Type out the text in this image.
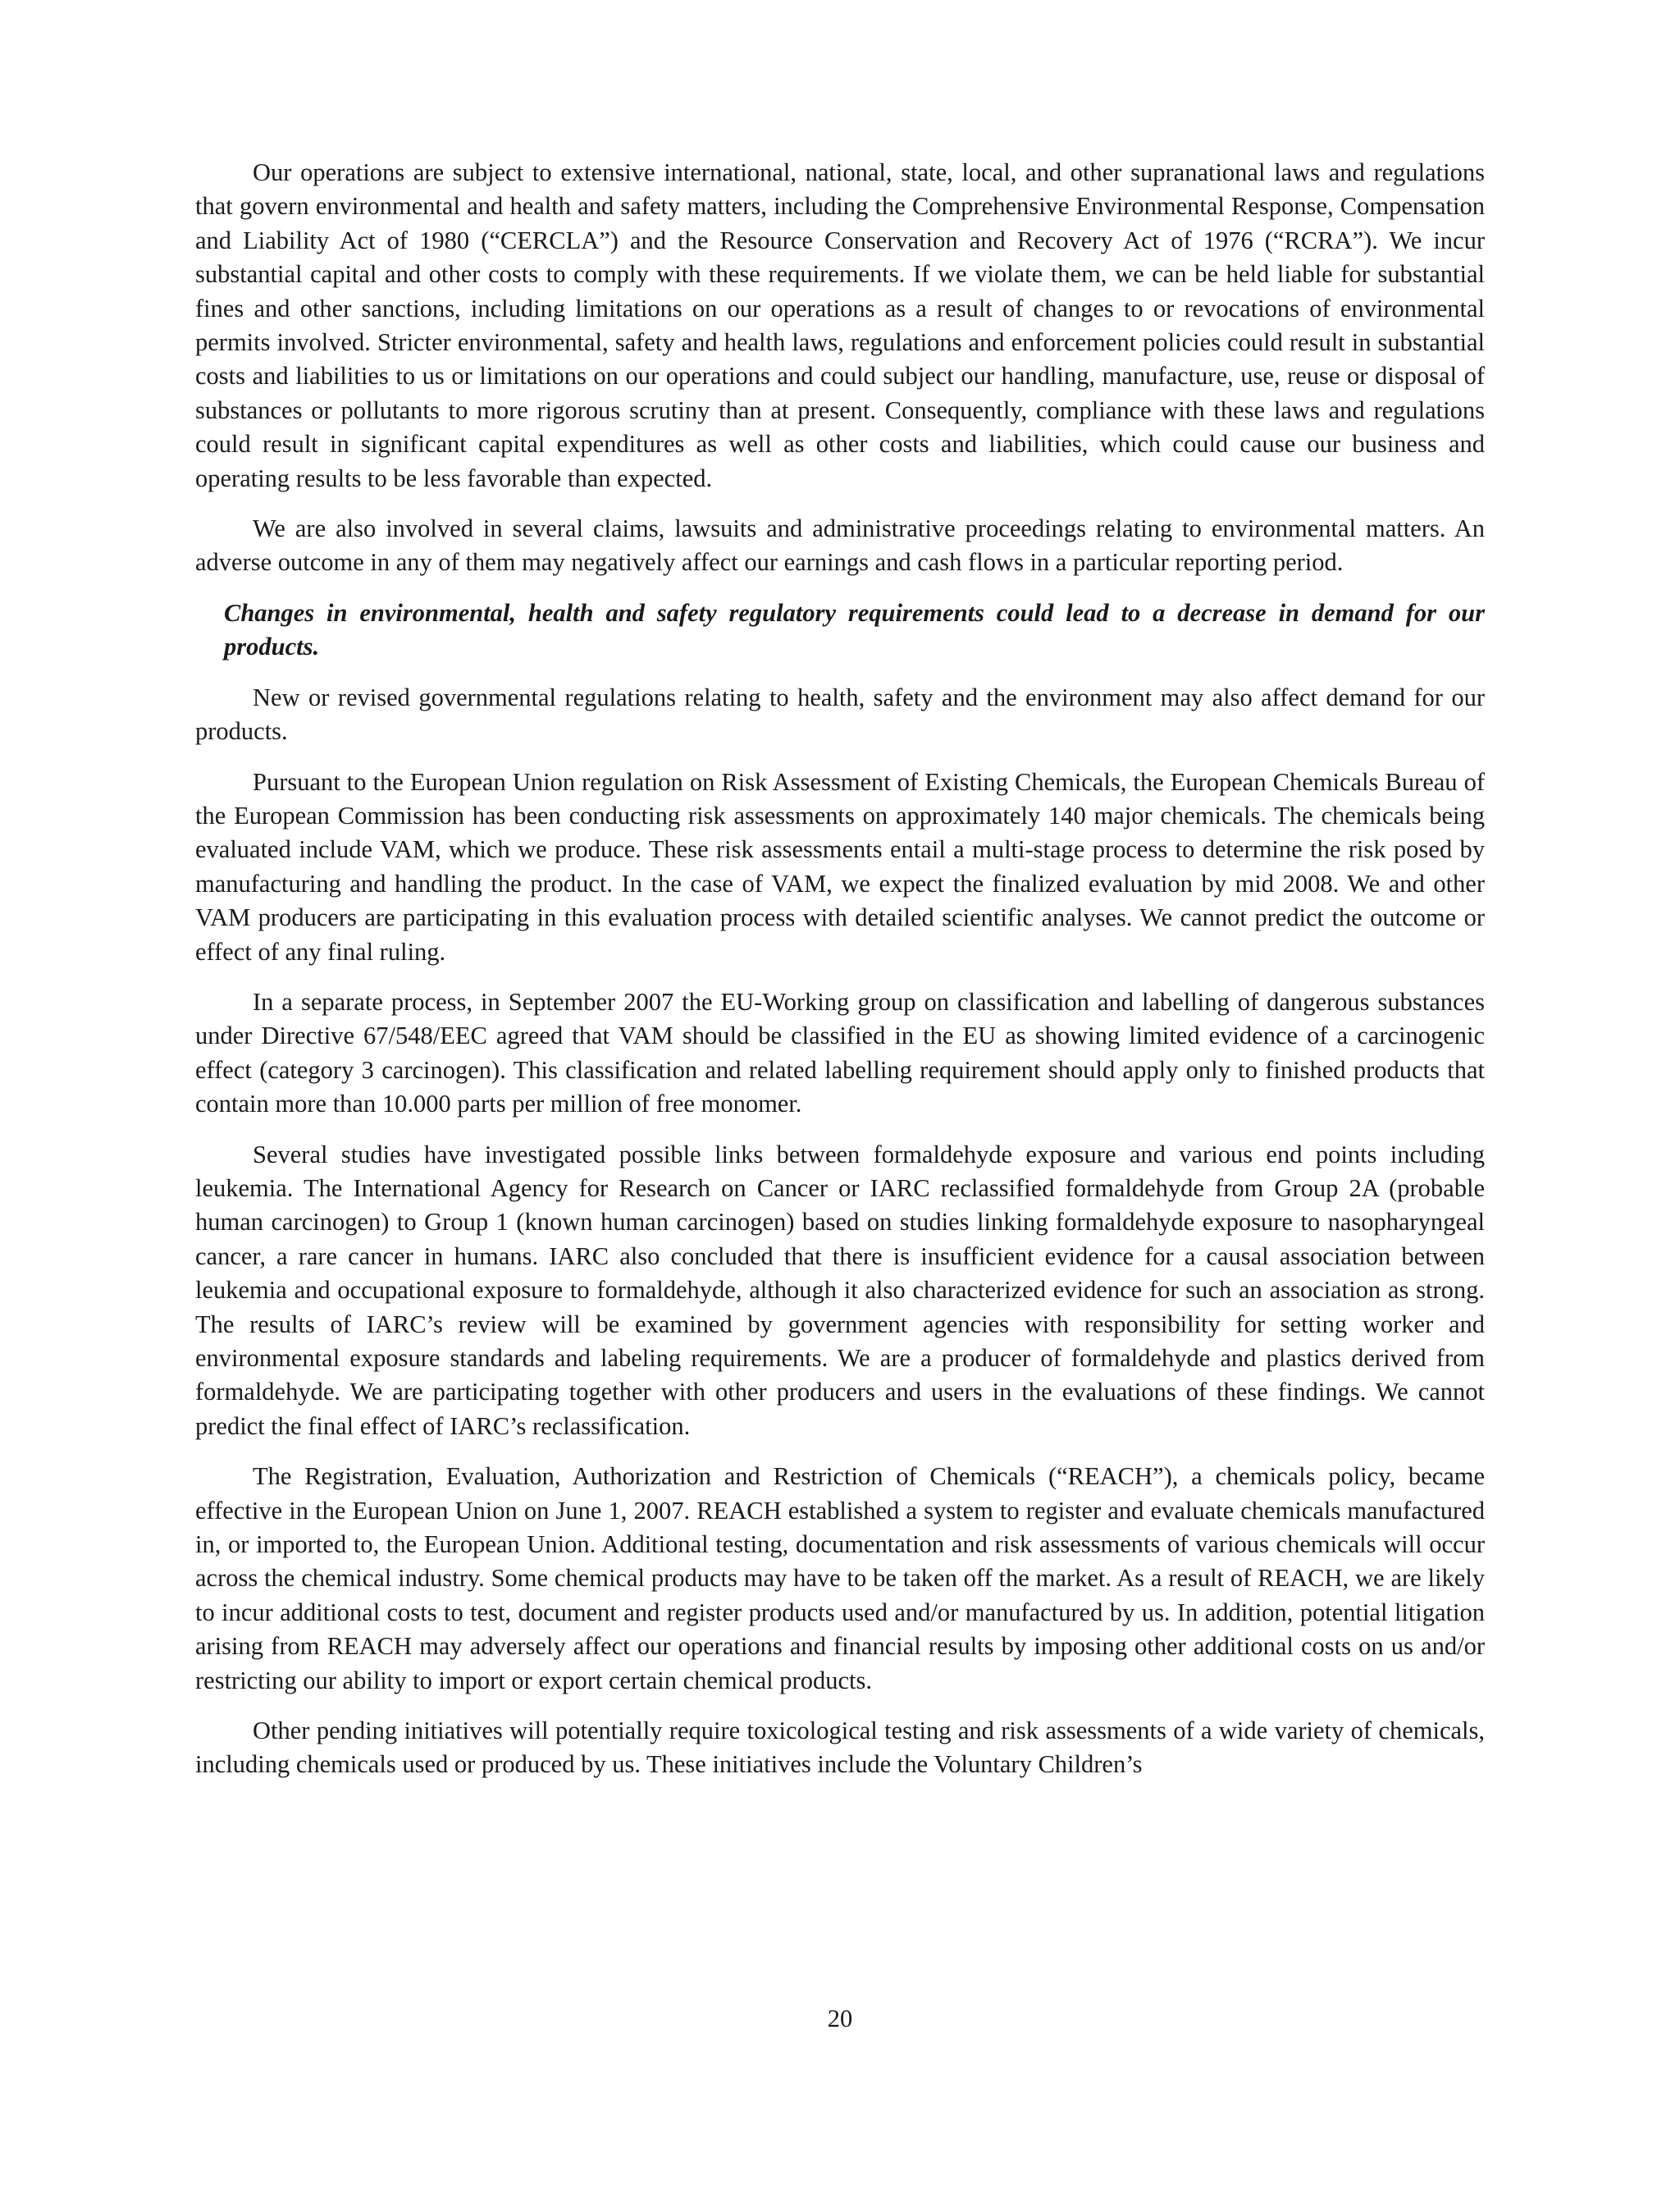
Our operations are subject to extensive international, national, state, local, and other supranational laws and regulations that govern environmental and health and safety matters, including the Comprehensive Environmental Response, Compensation and Liability Act of 1980 (“CERCLA”) and the Resource Conservation and Recovery Act of 1976 (“RCRA”). We incur substantial capital and other costs to comply with these requirements. If we violate them, we can be held liable for substantial fines and other sanctions, including limitations on our operations as a result of changes to or revocations of environmental permits involved. Stricter environmental, safety and health laws, regulations and enforcement policies could result in substantial costs and liabilities to us or limitations on our operations and could subject our handling, manufacture, use, reuse or disposal of substances or pollutants to more rigorous scrutiny than at present. Consequently, compliance with these laws and regulations could result in significant capital expenditures as well as other costs and liabilities, which could cause our business and operating results to be less favorable than expected.

We are also involved in several claims, lawsuits and administrative proceedings relating to environmental matters. An adverse outcome in any of them may negatively affect our earnings and cash flows in a particular reporting period.

Changes in environmental, health and safety regulatory requirements could lead to a decrease in demand for our products.

New or revised governmental regulations relating to health, safety and the environment may also affect demand for our products.

Pursuant to the European Union regulation on Risk Assessment of Existing Chemicals, the European Chemicals Bureau of the European Commission has been conducting risk assessments on approximately 140 major chemicals. The chemicals being evaluated include VAM, which we produce. These risk assessments entail a multi-stage process to determine the risk posed by manufacturing and handling the product. In the case of VAM, we expect the finalized evaluation by mid 2008. We and other VAM producers are participating in this evaluation process with detailed scientific analyses. We cannot predict the outcome or effect of any final ruling.

In a separate process, in September 2007 the EU-Working group on classification and labelling of dangerous substances under Directive 67/548/EEC agreed that VAM should be classified in the EU as showing limited evidence of a carcinogenic effect (category 3 carcinogen). This classification and related labelling requirement should apply only to finished products that contain more than 10.000 parts per million of free monomer.

Several studies have investigated possible links between formaldehyde exposure and various end points including leukemia. The International Agency for Research on Cancer or IARC reclassified formaldehyde from Group 2A (probable human carcinogen) to Group 1 (known human carcinogen) based on studies linking formaldehyde exposure to nasopharyngeal cancer, a rare cancer in humans. IARC also concluded that there is insufficient evidence for a causal association between leukemia and occupational exposure to formaldehyde, although it also characterized evidence for such an association as strong. The results of IARC’s review will be examined by government agencies with responsibility for setting worker and environmental exposure standards and labeling requirements. We are a producer of formaldehyde and plastics derived from formaldehyde. We are participating together with other producers and users in the evaluations of these findings. We cannot predict the final effect of IARC’s reclassification.

The Registration, Evaluation, Authorization and Restriction of Chemicals (“REACH”), a chemicals policy, became effective in the European Union on June 1, 2007. REACH established a system to register and evaluate chemicals manufactured in, or imported to, the European Union. Additional testing, documentation and risk assessments of various chemicals will occur across the chemical industry. Some chemical products may have to be taken off the market. As a result of REACH, we are likely to incur additional costs to test, document and register products used and/or manufactured by us. In addition, potential litigation arising from REACH may adversely affect our operations and financial results by imposing other additional costs on us and/or restricting our ability to import or export certain chemical products.

Other pending initiatives will potentially require toxicological testing and risk assessments of a wide variety of chemicals, including chemicals used or produced by us. These initiatives include the Voluntary Children’s

20
